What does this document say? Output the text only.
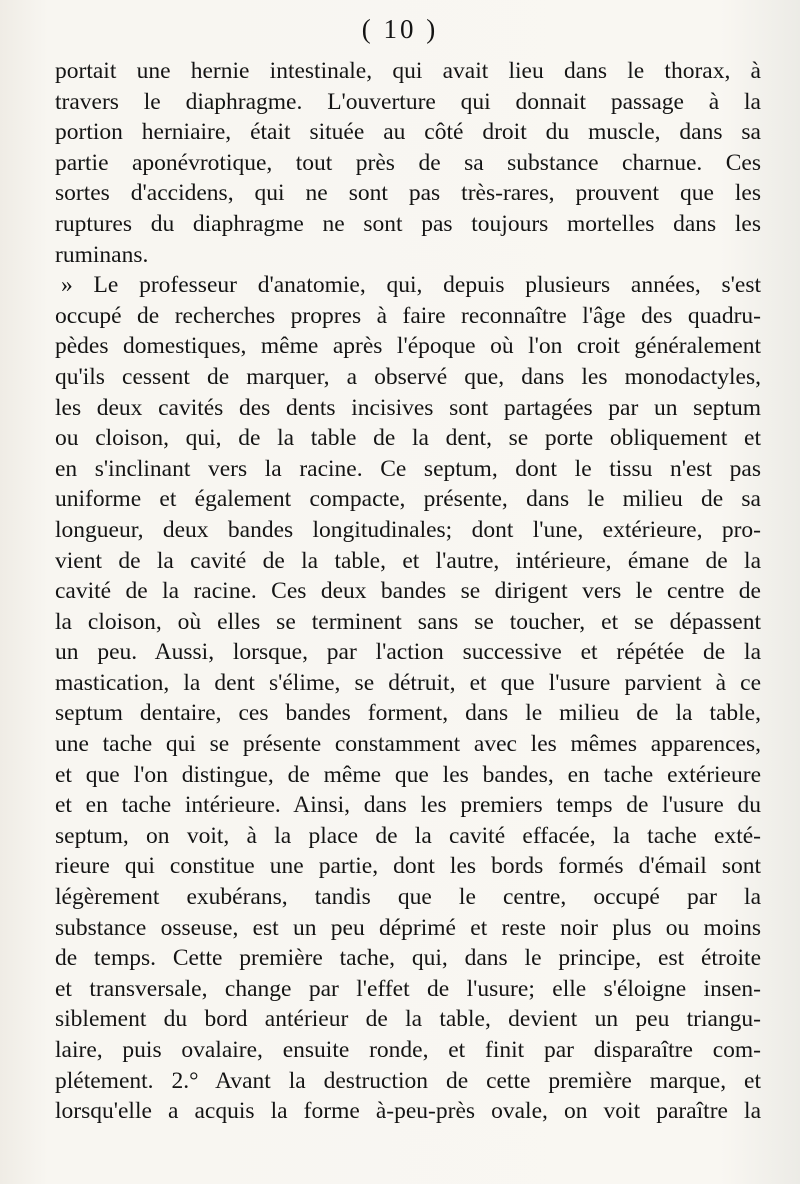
( 10 )
portait une hernie intestinale, qui avait lieu dans le thorax, à
travers le diaphragme. L'ouverture qui donnait passage à la
portion herniaire, était située au côté droit du muscle, dans sa
partie aponévrotique, tout près de sa substance charnue. Ces
sortes d'accidens, qui ne sont pas très-rares, prouvent que les
ruptures du diaphragme ne sont pas toujours mortelles dans les
ruminans.
» Le professeur d'anatomie, qui, depuis plusieurs années, s'est
occupé de recherches propres à faire reconnaître l'âge des quadru-
pèdes domestiques, même après l'époque où l'on croit généralement
qu'ils cessent de marquer, a observé que, dans les monodactyles,
les deux cavités des dents incisives sont partagées par un septum
ou cloison, qui, de la table de la dent, se porte obliquement et
en s'inclinant vers la racine. Ce septum, dont le tissu n'est pas
uniforme et également compacte, présente, dans le milieu de sa
longueur, deux bandes longitudinales; dont l'une, extérieure, pro-
vient de la cavité de la table, et l'autre, intérieure, émane de la
cavité de la racine. Ces deux bandes se dirigent vers le centre de
la cloison, où elles se terminent sans se toucher, et se dépassent
un peu. Aussi, lorsque, par l'action successive et répétée de la
mastication, la dent s'élime, se détruit, et que l'usure parvient à ce
septum dentaire, ces bandes forment, dans le milieu de la table,
une tache qui se présente constamment avec les mêmes apparences,
et que l'on distingue, de même que les bandes, en tache extérieure
et en tache intérieure. Ainsi, dans les premiers temps de l'usure du
septum, on voit, à la place de la cavité effacée, la tache exté-
rieure qui constitue une partie, dont les bords formés d'émail sont
légèrement exubérans, tandis que le centre, occupé par la
substance osseuse, est un peu déprimé et reste noir plus ou moins
de temps. Cette première tache, qui, dans le principe, est étroite
et transversale, change par l'effet de l'usure; elle s'éloigne insen-
siblement du bord antérieur de la table, devient un peu triangu-
laire, puis ovalaire, ensuite ronde, et finit par disparaître com-
plétement. 2.° Avant la destruction de cette première marque, et
lorsqu'elle a acquis la forme à-peu-près ovale, on voit paraître la
